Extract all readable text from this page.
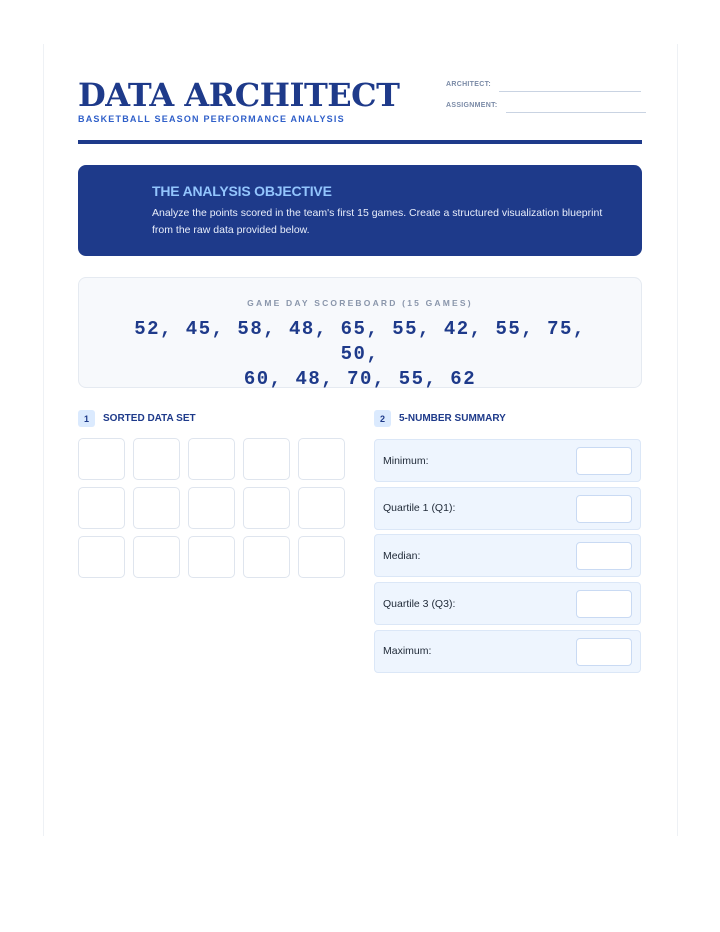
DATA ARCHITECT
BASKETBALL SEASON PERFORMANCE ANALYSIS
ARCHITECT:
ASSIGNMENT:

THE ANALYSIS OBJECTIVE

Analyze the points scored in the team's first 15 games. Create a structured visualization blueprint from the raw data provided below.

GAME DAY SCOREBOARD (15 GAMES)
52, 45, 58, 48, 65, 55, 42, 55, 75, 50,
60, 48, 70, 55, 62
1	SORTED DATA SET	2	5-NUMBER SUMMARY
Minimum:
Quartile 1 (Q1):
Median:
Quartile 3 (Q3):
Maximum:
